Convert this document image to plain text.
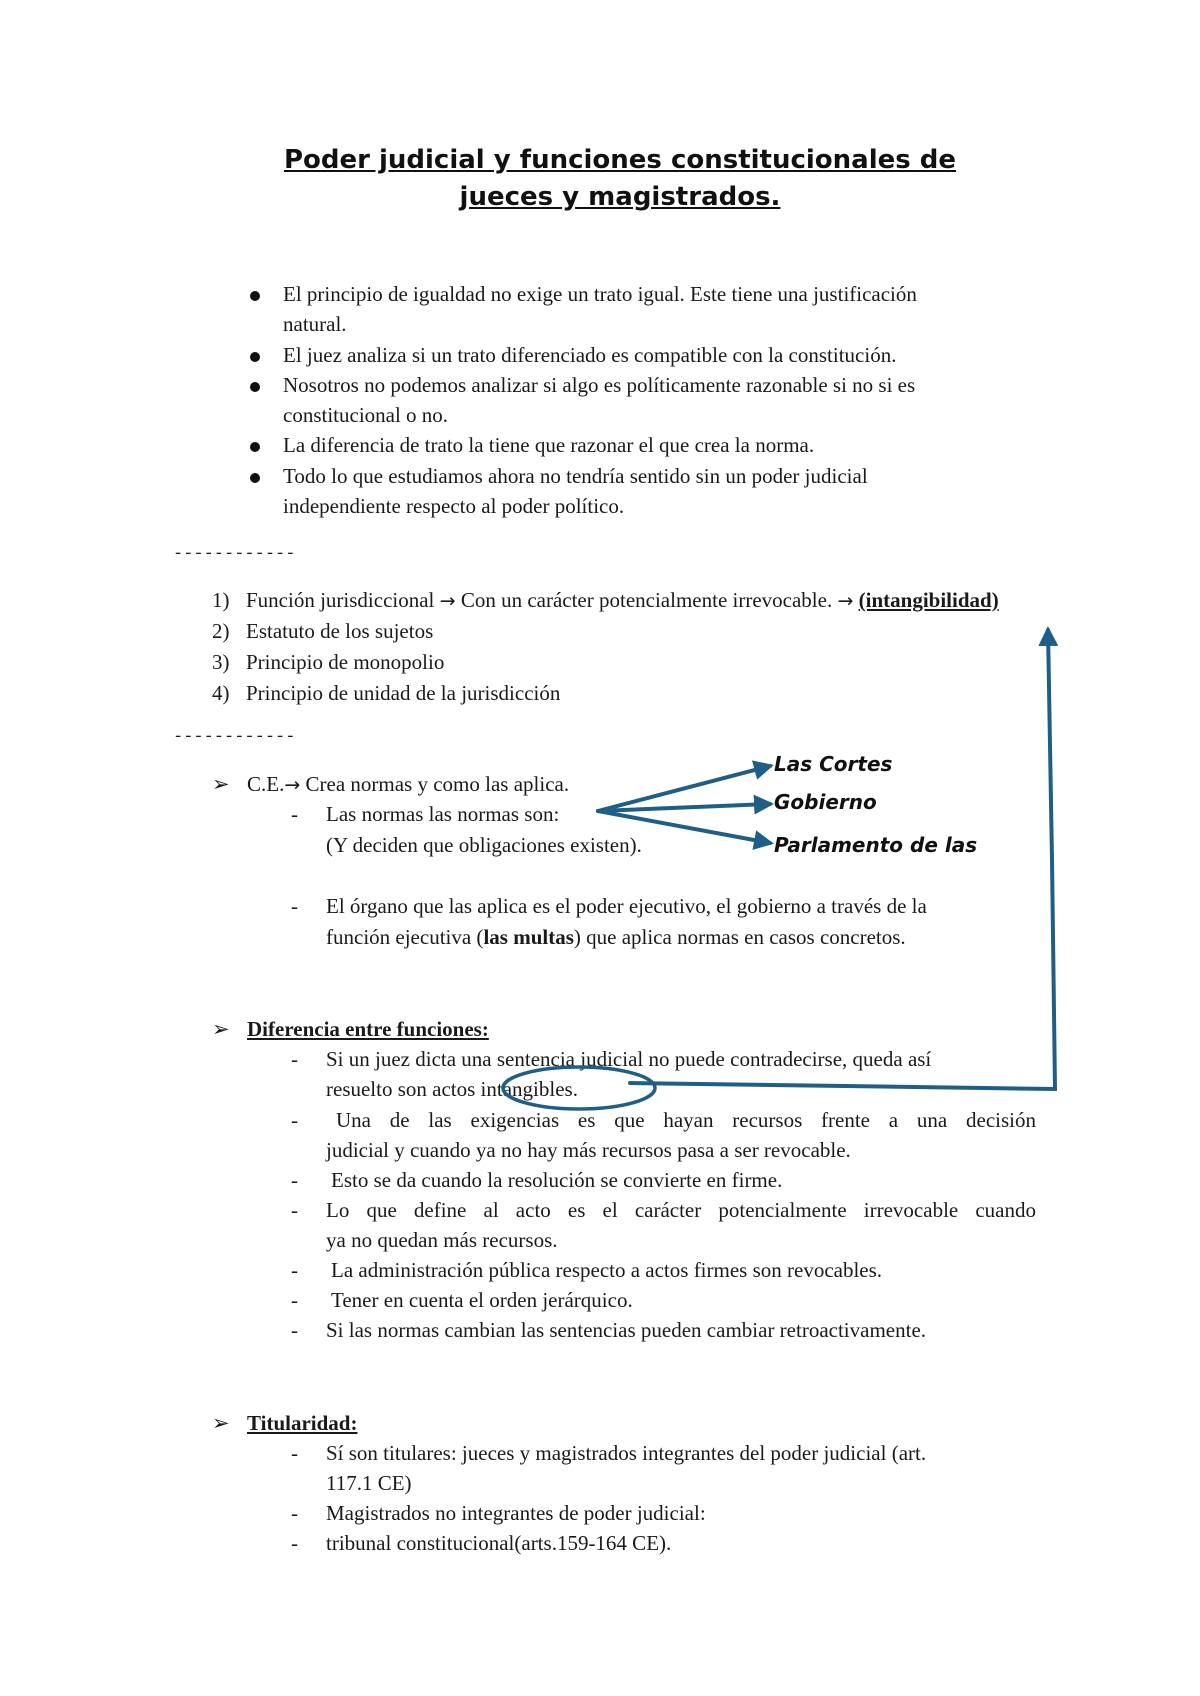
Poder judicial y funciones constitucionales de
jueces y magistrados.
El principio de igualdad no exige un trato igual. Este tiene una justificación
natural.
El juez analiza si un trato diferenciado es compatible con la constitución.
Nosotros no podemos analizar si algo es políticamente razonable si no si es
constitucional o no.
La diferencia de trato la tiene que razonar el que crea la norma.
Todo lo que estudiamos ahora no tendría sentido sin un poder judicial
independiente respecto al poder político.
------------
1) Función jurisdiccional → Con un carácter potencialmente irrevocable. → (intangibilidad)
2) Estatuto de los sujetos
3) Principio de monopolio
4) Principio de unidad de la jurisdicción
------------
➢ C.E.→ Crea normas y como las aplica.
- Las normas las normas son:
(Y deciden que obligaciones existen).
Las Cortes
Gobierno
Parlamento de las
- El órgano que las aplica es el poder ejecutivo, el gobierno a través de la
función ejecutiva (las multas) que aplica normas en casos concretos.
➢ Diferencia entre funciones:
- Si un juez dicta una sentencia judicial no puede contradecirse, queda así
resuelto son actos intangibles.
- Una de las exigencias es que hayan recursos frente a una decisión
judicial y cuando ya no hay más recursos pasa a ser revocable.
- Esto se da cuando la resolución se convierte en firme.
- Lo que define al acto es el carácter potencialmente irrevocable cuando
ya no quedan más recursos.
- La administración pública respecto a actos firmes son revocables.
- Tener en cuenta el orden jerárquico.
- Si las normas cambian las sentencias pueden cambiar retroactivamente.
➢ Titularidad:
- Sí son titulares: jueces y magistrados integrantes del poder judicial (art.
117.1 CE)
- Magistrados no integrantes de poder judicial:
- tribunal constitucional(arts.159-164 CE).
